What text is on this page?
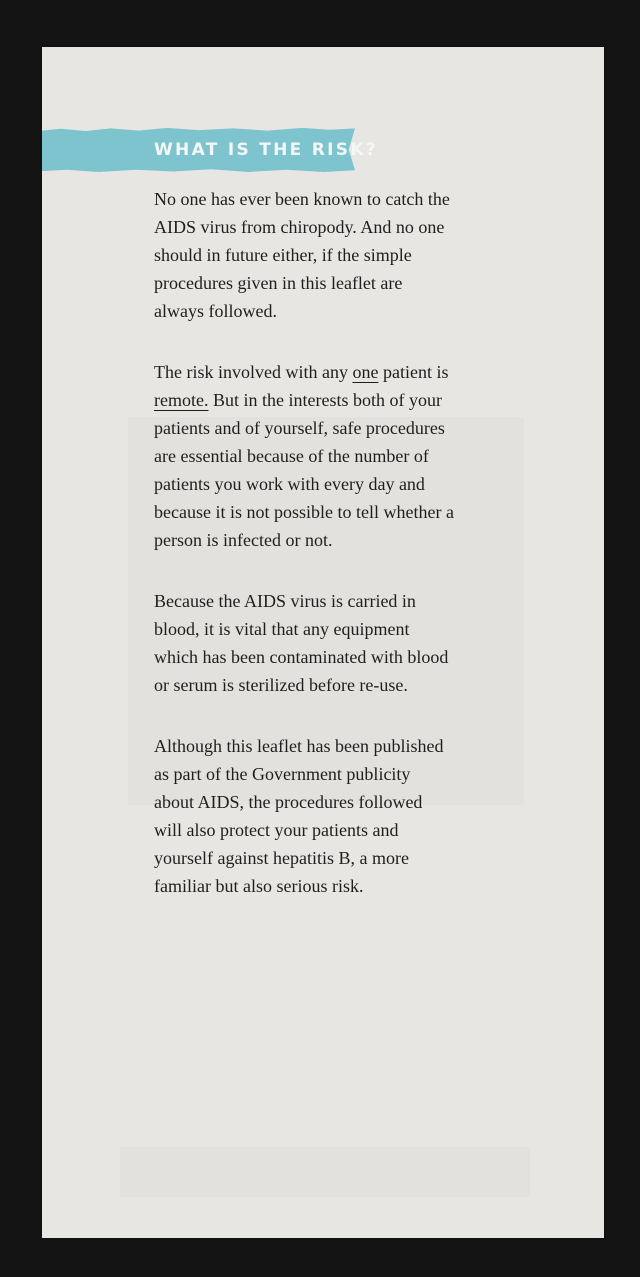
WHAT IS THE RISK?

No one has ever been known to catch the AIDS virus from chiropody. And no one should in future either, if the simple procedures given in this leaflet are always followed.

The risk involved with any one patient is remote. But in the interests both of your patients and of yourself, safe procedures are essential because of the number of patients you work with every day and because it is not possible to tell whether a person is infected or not.

Because the AIDS virus is carried in blood, it is vital that any equipment which has been contaminated with blood or serum is sterilized before re-use.

Although this leaflet has been published as part of the Government publicity about AIDS, the procedures followed will also protect your patients and yourself against hepatitis B, a more familiar but also serious risk.
